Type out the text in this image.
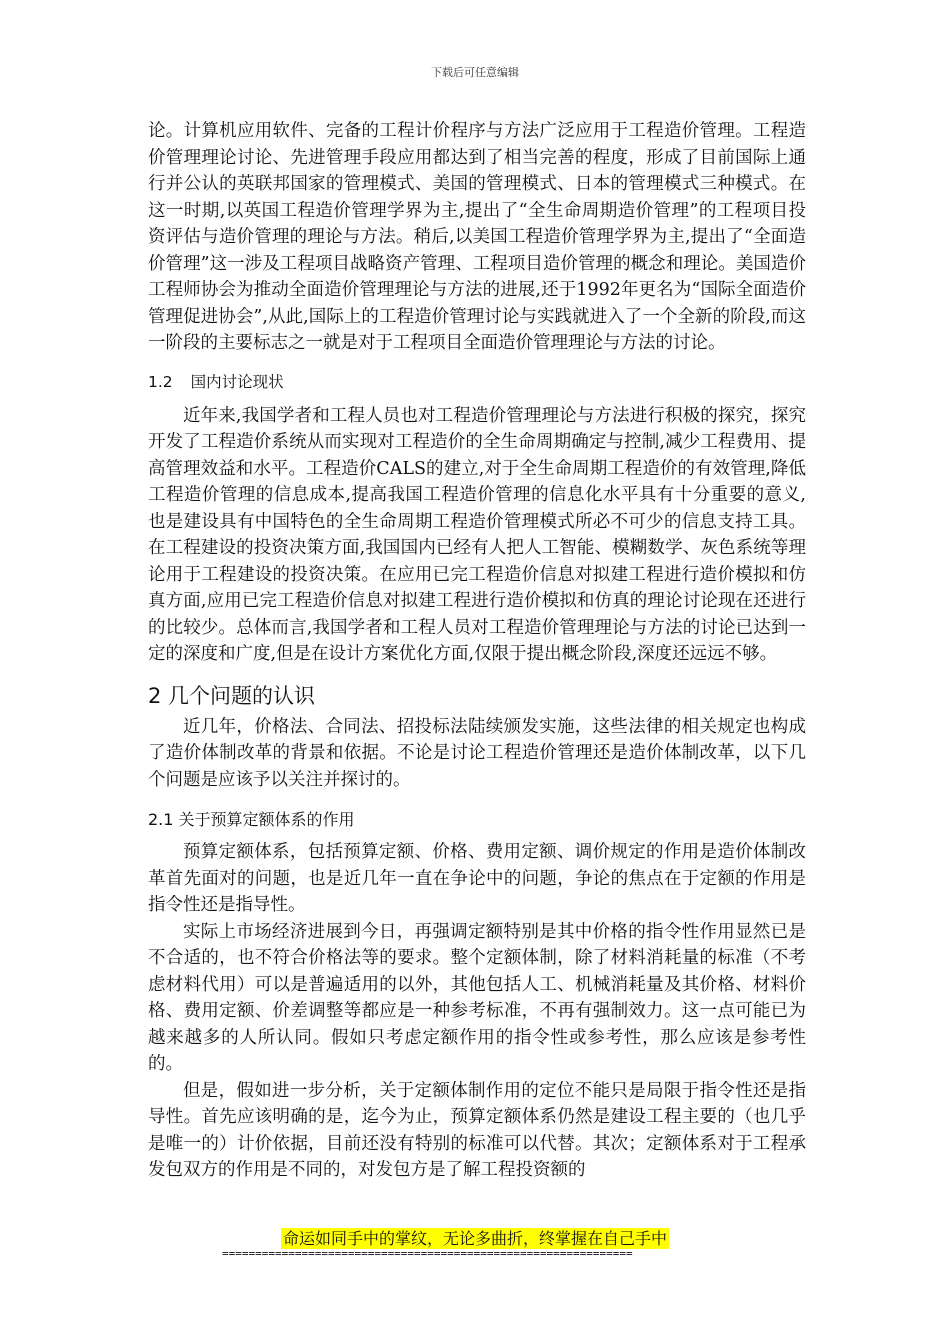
下载后可任意编辑

论。计算机应用软件、完备的工程计价程序与方法广泛应用于工程造价管理。工程造价管理理论讨论、先进管理手段应用都达到了相当完善的程度，形成了目前国际上通行并公认的英联邦国家的管理模式、美国的管理模式、日本的管理模式三种模式。在这一时期,以英国工程造价管理学界为主,提出了“全生命周期造价管理”的工程项目投资评估与造价管理的理论与方法。稍后,以美国工程造价管理学界为主,提出了“全面造价管理”这一涉及工程项目战略资产管理、工程项目造价管理的概念和理论。美国造价工程师协会为推动全面造价管理理论与方法的进展,还于1992年更名为“国际全面造价管理促进协会”,从此,国际上的工程造价管理讨论与实践就进入了一个全新的阶段,而这一阶段的主要标志之一就是对于工程项目全面造价管理理论与方法的讨论。

1.2 国内讨论现状

近年来,我国学者和工程人员也对工程造价管理理论与方法进行积极的探究，探究开发了工程造价系统从而实现对工程造价的全生命周期确定与控制,减少工程费用、提高管理效益和水平。工程造价CALS的建立,对于全生命周期工程造价的有效管理,降低工程造价管理的信息成本,提高我国工程造价管理的信息化水平具有十分重要的意义,也是建设具有中国特色的全生命周期工程造价管理模式所必不可少的信息支持工具。在工程建设的投资决策方面,我国国内已经有人把人工智能、模糊数学、灰色系统等理论用于工程建设的投资决策。在应用已完工程造价信息对拟建工程进行造价模拟和仿真方面,应用已完工程造价信息对拟建工程进行造价模拟和仿真的理论讨论现在还进行的比较少。总体而言,我国学者和工程人员对工程造价管理理论与方法的讨论已达到一定的深度和广度,但是在设计方案优化方面,仅限于提出概念阶段,深度还远远不够。

2 几个问题的认识

近几年，价格法、合同法、招投标法陆续颁发实施，这些法律的相关规定也构成了造价体制改革的背景和依据。不论是讨论工程造价管理还是造价体制改革，以下几个问题是应该予以关注并探讨的。

2.1 关于预算定额体系的作用

预算定额体系，包括预算定额、价格、费用定额、调价规定的作用是造价体制改革首先面对的问题，也是近几年一直在争论中的问题，争论的焦点在于定额的作用是指令性还是指导性。

实际上市场经济进展到今日，再强调定额特别是其中价格的指令性作用显然已是不合适的，也不符合价格法等的要求。整个定额体制，除了材料消耗量的标准（不考虑材料代用）可以是普遍适用的以外，其他包括人工、机械消耗量及其价格、材料价格、费用定额、价差调整等都应是一种参考标准，不再有强制效力。这一点可能已为越来越多的人所认同。假如只考虑定额作用的指令性或参考性，那么应该是参考性的。

但是，假如进一步分析，关于定额体制作用的定位不能只是局限于指令性还是指导性。首先应该明确的是，迄今为止，预算定额体系仍然是建设工程主要的（也几乎是唯一的）计价依据，目前还没有特别的标准可以代替。其次；定额体系对于工程承发包双方的作用是不同的，对发包方是了解工程投资额的

命运如同手中的掌纹，无论多曲折，终掌握在自己手中
==============================================================
